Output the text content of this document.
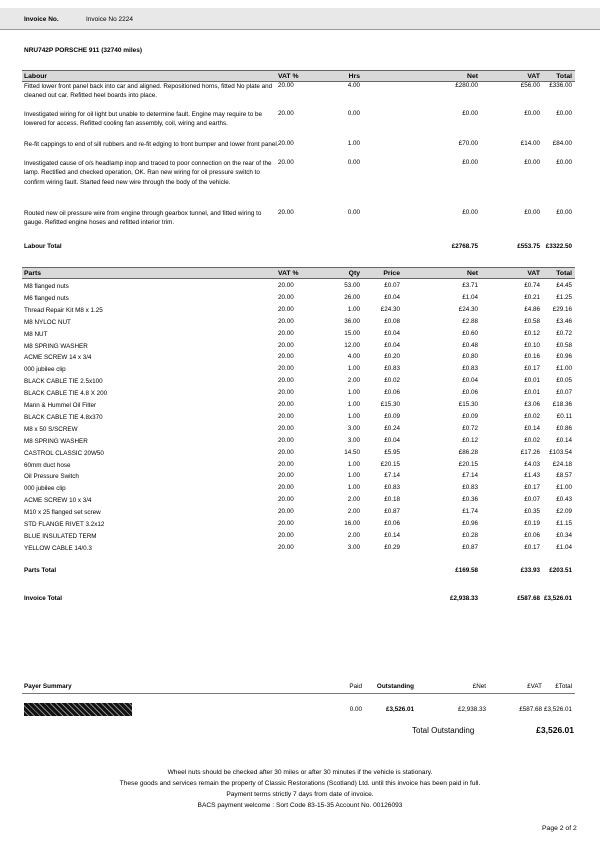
Invoice No.	Invoice No 2224
NRU742P PORSCHE 911 (32740 miles)
Labour	VAT %	Hrs	Net	VAT	Total
Fitted lower front panel back into car and aligned. Repositioned horns, fitted No plate and cleaned out car. Refitted heel boards into place.
20.00	4.00	£280.00	£56.00	£336.00
Investigated wiring for oil light but unable to determine fault. Engine may require to be lowered for access. Refitted cooling fan assembly, coil, wiring and earths.
20.00	0.00	£0.00	£0.00	£0.00
Re-fit cappings to end of sill rubbers and re-fit edging to front bumper and lower front panel. 20.00	1.00	£70.00	£14.00	£84.00
Investigated cause of o/s headlamp inop and traced to poor connection on the rear of the lamp. Rectified and checked operation, OK. Ran new wiring for oil pressure switch to confirm wiring fault. Started feed new wire through the body of the vehicle.
20.00	0.00	£0.00	£0.00	£0.00
Routed new oil pressure wire from engine through gearbox tunnel, and fitted wiring to gauge. Refitted engine hoses and refitted interior trim.
20.00	0.00	£0.00	£0.00	£0.00
Labour Total	£2768.75	£553.75 £3322.50
Parts	VAT %	Qty	Price	Net	VAT	Total
M8 flanged nuts	20.00	53.00	£0.07	£3.71	£0.74	£4.45
M6 flanged nuts	20.00	26.00	£0.04	£1.04	£0.21	£1.25
Thread Repair Kit M8 x 1.25	20.00	1.00	£24.30	£24.30	£4.86	£29.16
M8 NYLOC NUT	20.00	36.00	£0.08	£2.88	£0.58	£3.46
M8 NUT	20.00	15.00	£0.04	£0.60	£0.12	£0.72
M8 SPRING WASHER	20.00	12.00	£0.04	£0.48	£0.10	£0.58
ACME SCREW 14 x 3/4	20.00	4.00	£0.20	£0.80	£0.16	£0.96
000 jubilee clip	20.00	1.00	£0.83	£0.83	£0.17	£1.00
BLACK CABLE TIE 2.5x100	20.00	2.00	£0.02	£0.04	£0.01	£0.05
BLACK CABLE TIE 4.8 X 200	20.00	1.00	£0.06	£0.06	£0.01	£0.07
Mann & Hummel Oil Filter	20.00	1.00	£15.30	£15.30	£3.06	£18.36
BLACK CABLE TIE 4.8x370	20.00	1.00	£0.09	£0.09	£0.02	£0.11
M8 x 50 S/SCREW	20.00	3.00	£0.24	£0.72	£0.14	£0.86
M8 SPRING WASHER	20.00	3.00	£0.04	£0.12	£0.02	£0.14
CASTROL CLASSIC 20W50	20.00	14.50	£5.95	£86.28	£17.26	£103.54
60mm duct hose	20.00	1.00	£20.15	£20.15	£4.03	£24.18
Oil Pressure Switch	20.00	1.00	£7.14	£7.14	£1.43	£8.57
000 jubilee clip	20.00	1.00	£0.83	£0.83	£0.17	£1.00
ACME SCREW 10 x 3/4	20.00	2.00	£0.18	£0.36	£0.07	£0.43
M10 x 25 flanged set screw	20.00	2.00	£0.87	£1.74	£0.35	£2.09
STD FLANGE RIVET 3.2x12	20.00	16.00	£0.06	£0.96	£0.19	£1.15
BLUE INSULATED TERM	20.00	2.00	£0.14	£0.28	£0.06	£0.34
YELLOW CABLE 14/0.3	20.00	3.00	£0.29	£0.87	£0.17	£1.04
Parts Total	£169.58	£33.93	£203.51
Invoice Total	£2,938.33	£587.68 £3,526.01
Payer Summary	Paid	Outstanding	£Net	£VAT	£Total
0.00	£3,526.01	£2,938.33	£587.68 £3,526.01
Total Outstanding	£3,526.01
Wheel nuts should be checked after 30 miles or after 30 minutes if the vehicle is stationary.
These goods and services remain the property of Classic Restorations (Scotland) Ltd. until this invoice has been paid in full.
Payment terms strictly 7 days from date of invoice.
BACS payment welcome : Sort Code 83-15-35 Account No. 00126093
Page 2 of 2
